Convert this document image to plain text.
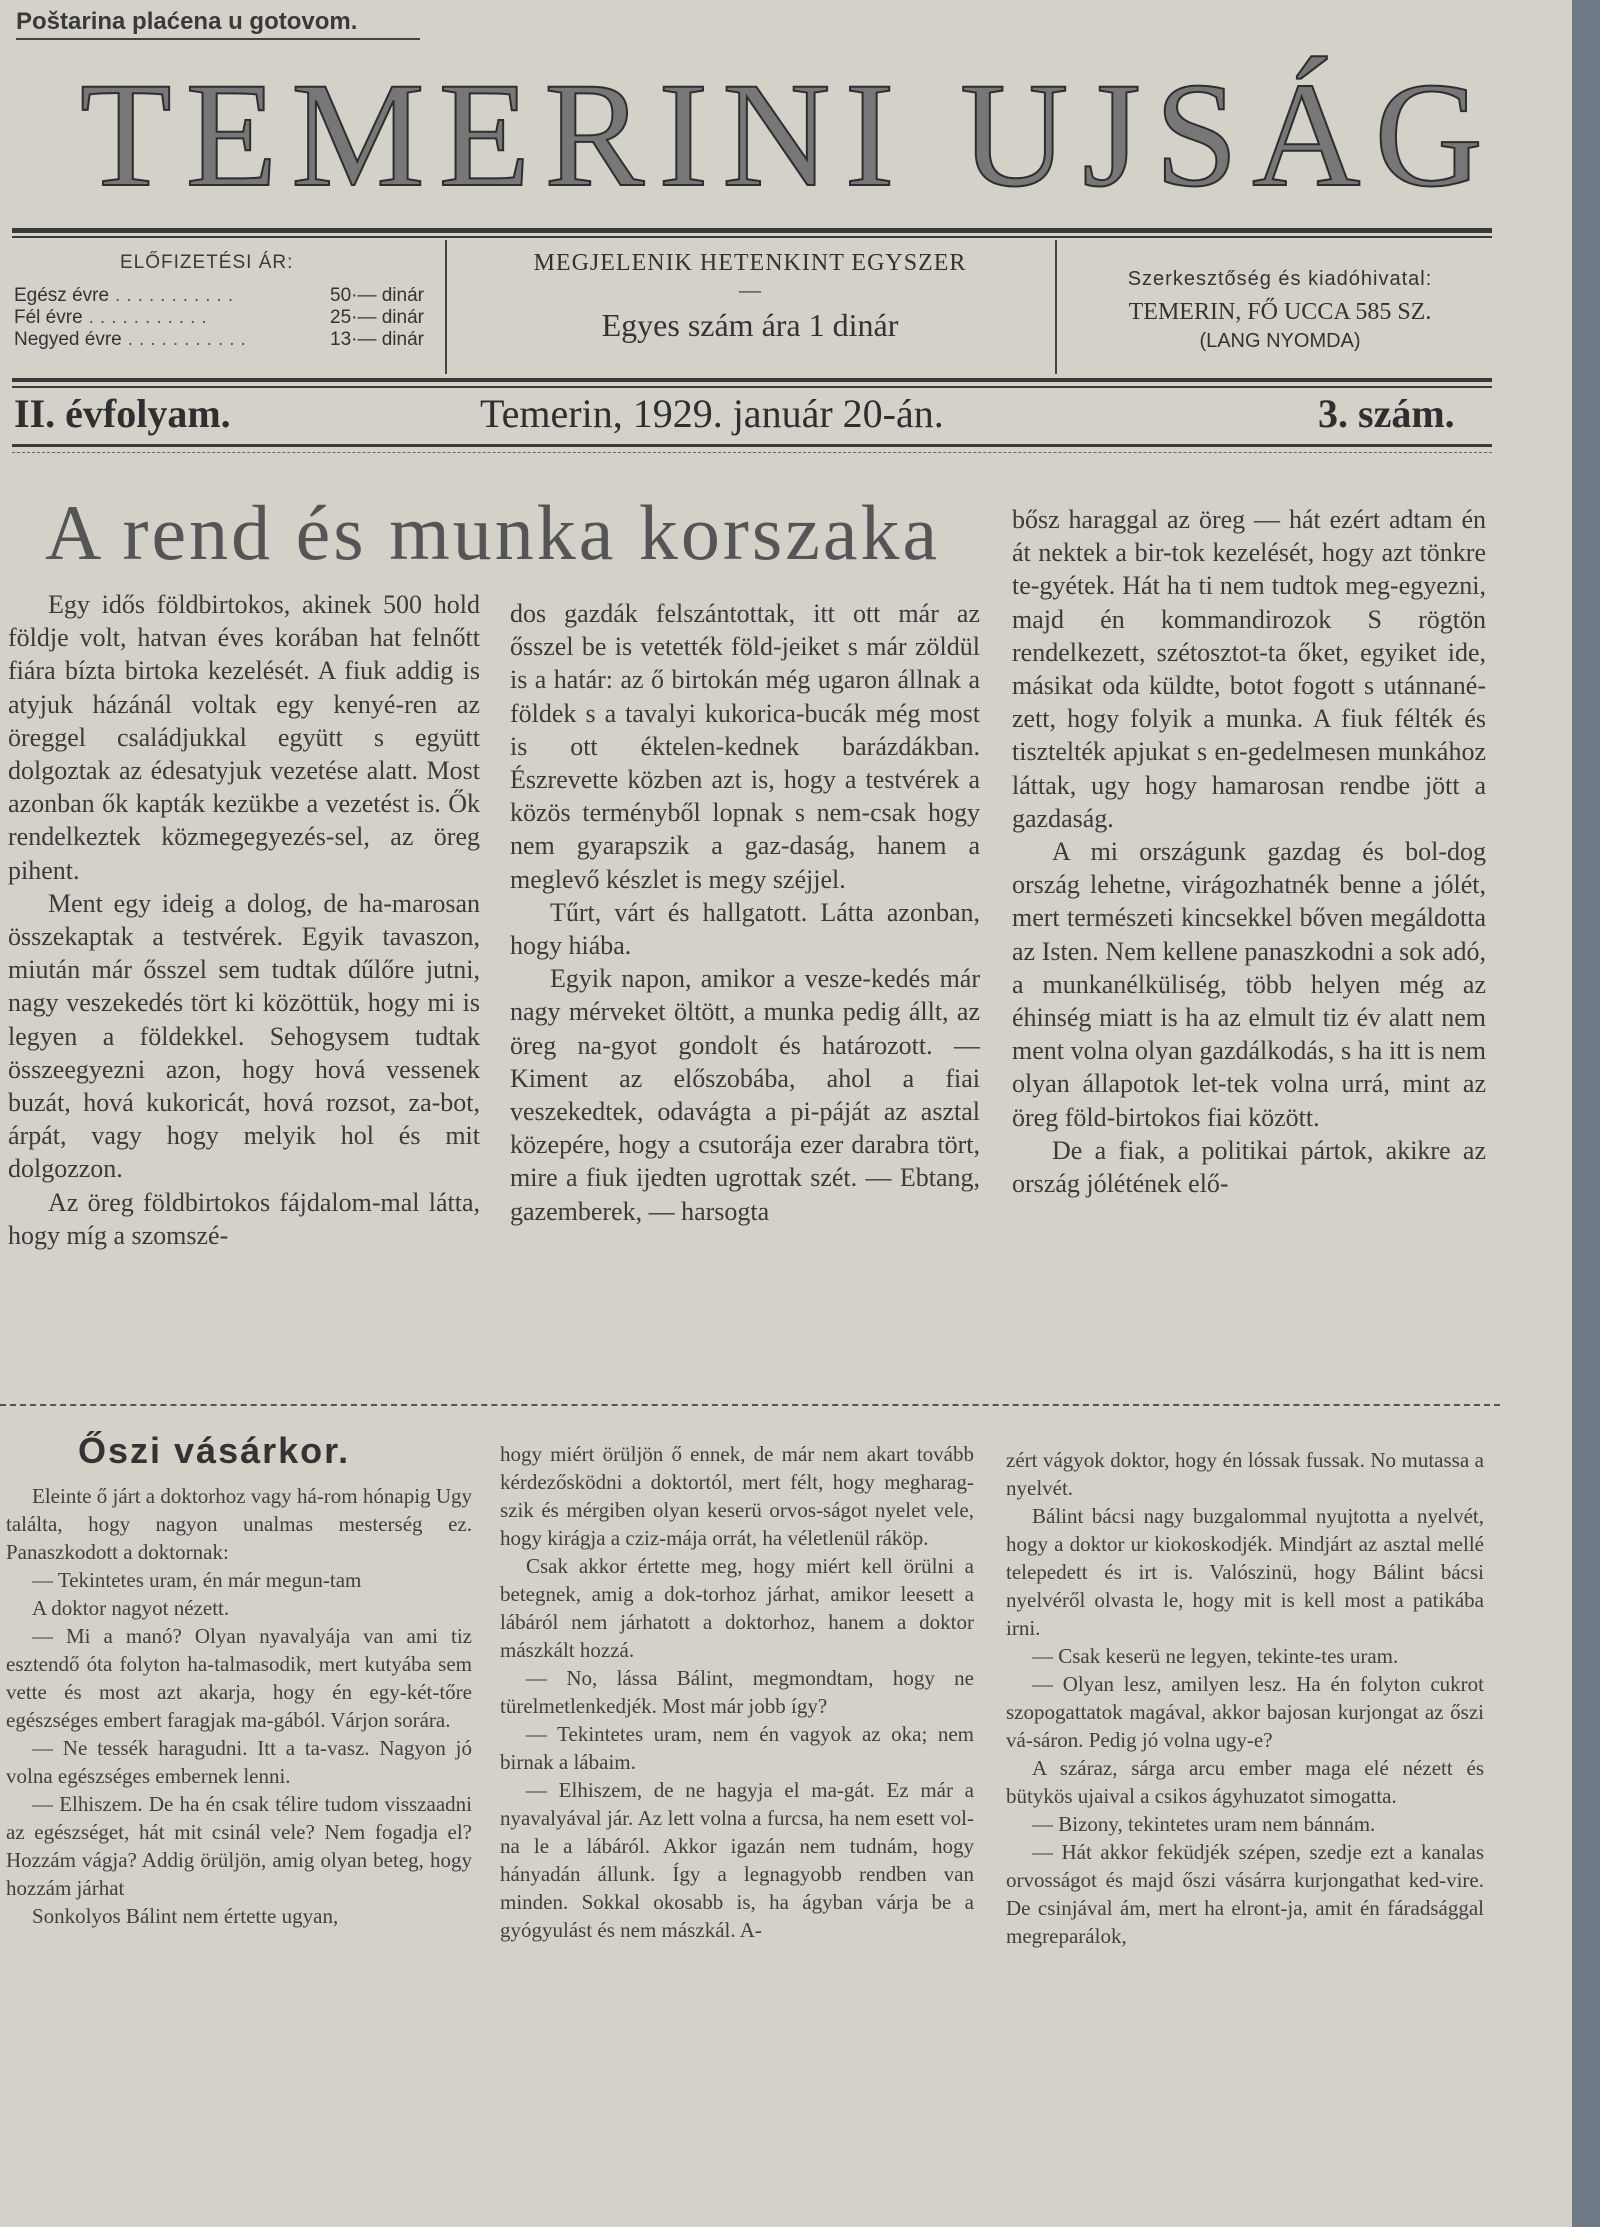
Poštarina plaćena u gotovom.
TEMERINI UJSÁG
ELŐFIZETÉSI ÁR:
Egész évre ...........	50·— dinár
Fél évre ...........	25·— dinár
Negyed évre ...........	13·— dinár
MEGJELENIK HETENKINT EGYSZER
—
Egyes szám ára 1 dinár
Szerkesztőség és kiadóhivatal:
TEMERIN, FŐ UCCA 585 SZ.
(LANG NYOMDA)
II. évfolyam.	Temerin, 1929. január 20-án.	3. szám.
A rend és munka korszaka

Egy idős földbirtokos, akinek 500 hold földje volt, hatvan éves korában hat felnőtt fiára bízta birtoka kezelését. A fiuk addig is atyjuk házánál voltak egy kenyé-ren az öreggel családjukkal együtt s együtt dolgoztak az édesatyjuk vezetése alatt. Most azonban ők kapták kezükbe a vezetést is. Ők rendelkeztek közmegegyezés-sel, az öreg pihent.

Ment egy ideig a dolog, de ha-marosan összekaptak a testvérek. Egyik tavaszon, miután már ősszel sem tudtak dűlőre jutni, nagy veszekedés tört ki közöttük, hogy mi is legyen a földekkel. Sehogysem tudtak összeegyezni azon, hogy hová vessenek buzát, hová kukoricát, hová rozsot, za-bot, árpát, vagy hogy melyik hol és mit dolgozzon.

Az öreg földbirtokos fájdalom-mal látta, hogy míg a szomszé-

dos gazdák felszántottak, itt ott már az ősszel be is vetették föld-jeiket s már zöldül is a határ: az ő birtokán még ugaron állnak a földek s a tavalyi kukorica-bucák még most is ott éktelen-kednek barázdákban. Észrevette közben azt is, hogy a testvérek a közös terményből lopnak s nem-csak hogy nem gyarapszik a gaz-daság, hanem a meglevő készlet is megy széjjel.

Tűrt, várt és hallgatott. Látta azonban, hogy hiába.

Egyik napon, amikor a vesze-kedés már nagy mérveket öltött, a munka pedig állt, az öreg na-gyot gondolt és határozott. — Kiment az előszobába, ahol a fiai veszekedtek, odavágta a pi-páját az asztal közepére, hogy a csutorája ezer darabra tört, mire a fiuk ijedten ugrottak szét. — Ebtang, gazemberek, — harsogta

bősz haraggal az öreg — hát ezért adtam én át nektek a bir-tok kezelését, hogy azt tönkre te-gyétek. Hát ha ti nem tudtok meg-egyezni, majd én kommandirozok S rögtön rendelkezett, szétosztot-ta őket, egyiket ide, másikat oda küldte, botot fogott s utánnané-zett, hogy folyik a munka. A fiuk félték és tisztelték apjukat s en-gedelmesen munkához láttak, ugy hogy hamarosan rendbe jött a gazdaság.

A mi országunk gazdag és bol-dog ország lehetne, virágozhatnék benne a jólét, mert természeti kincsekkel bőven megáldotta az Isten. Nem kellene panaszkodni a sok adó, a munkanélküliség, több helyen még az éhinség miatt is ha az elmult tiz év alatt nem ment volna olyan gazdálkodás, s ha itt is nem olyan állapotok let-tek volna urrá, mint az öreg föld-birtokos fiai között.

De a fiak, a politikai pártok, akikre az ország jólétének elő-

Őszi vásárkor.

Eleinte ő járt a doktorhoz vagy há-rom hónapig Ugy találta, hogy nagyon unalmas mesterség ez. Panaszkodott a doktornak:

— Tekintetes uram, én már megun-tam

A doktor nagyot nézett.

— Mi a manó? Olyan nyavalyája van ami tiz esztendő óta folyton ha-talmasodik, mert kutyába sem vette és most azt akarja, hogy én egy-két-tőre egészséges embert faragjak ma-gából. Várjon sorára.

— Ne tessék haragudni. Itt a ta-vasz. Nagyon jó volna egészséges embernek lenni.

— Elhiszem. De ha én csak télire tudom visszaadni az egészséget, hát mit csinál vele? Nem fogadja el? Hozzám vágja? Addig örüljön, amig olyan beteg, hogy hozzám járhat

Sonkolyos Bálint nem értette ugyan,

hogy miért örüljön ő ennek, de már nem akart tovább kérdezősködni a doktortól, mert félt, hogy megharag-szik és mérgiben olyan keserü orvos-ságot nyelet vele, hogy kirágja a cziz-mája orrát, ha véletlenül ráköp.

Csak akkor értette meg, hogy miért kell örülni a betegnek, amig a dok-torhoz járhat, amikor leesett a lábáról nem járhatott a doktorhoz, hanem a doktor mászkált hozzá.

— No, lássa Bálint, megmondtam, hogy ne türelmetlenkedjék. Most már jobb így?

— Tekintetes uram, nem én vagyok az oka; nem birnak a lábaim.

— Elhiszem, de ne hagyja el ma-gát. Ez már a nyavalyával jár. Az lett volna a furcsa, ha nem esett vol-na le a lábáról. Akkor igazán nem tudnám, hogy hányadán állunk. Így a legnagyobb rendben van minden. Sokkal okosabb is, ha ágyban várja be a gyógyulást és nem mászkál. A-

zért vágyok doktor, hogy én lóssak fussak. No mutassa a nyelvét.

Bálint bácsi nagy buzgalommal nyujtotta a nyelvét, hogy a doktor ur kiokoskodjék. Mindjárt az asztal mellé telepedett és irt is. Valószinü, hogy Bálint bácsi nyelvéről olvasta le, hogy mit is kell most a patikába irni.

— Csak keserü ne legyen, tekinte-tes uram.

— Olyan lesz, amilyen lesz. Ha én folyton cukrot szopogattatok magával, akkor bajosan kurjongat az őszi vá-sáron. Pedig jó volna ugy-e?

A száraz, sárga arcu ember maga elé nézett és bütykös ujaival a csikos ágyhuzatot simogatta.

— Bizony, tekintetes uram nem bánnám.

— Hát akkor feküdjék szépen, szedje ezt a kanalas orvosságot és majd őszi vásárra kurjongathat ked-vire. De csinjával ám, mert ha elront-ja, amit én fáradsággal megreparálok,
